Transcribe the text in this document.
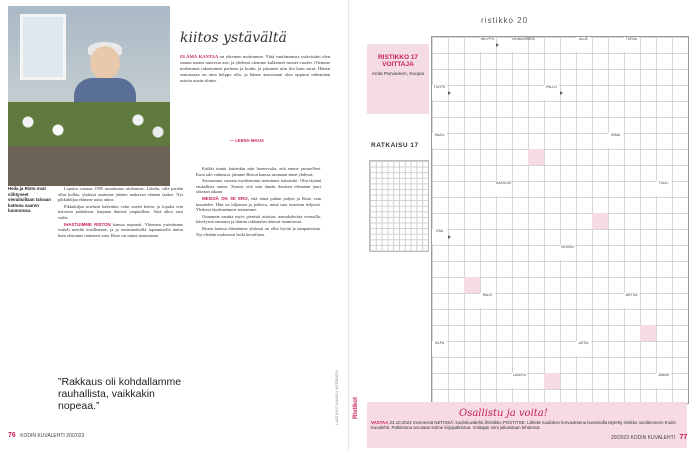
kiitos ystävältä
ELÄMÄ KANTAA on yhteinen mottomme. Yhtä vanhimmista ystävistäni olen saanut tuntea nuoresta asti, ja yhdessä olemme kulkeneet monet vuodet. Olemme molemmat rakentaneet perheen ja kodin, ja jakaneet niin ilot kuin surut. Hänen seurassaan on aina helppo olla, ja hänen ansiostaan olen oppinut näkemään asioita uusin silmin.
— LEENA-MAIJA
Heila ja Risto ovat viihtyneet vierailuillaan taivaan kattona saaren luonnossa.

Lopulta vuonna 1995 muutimme uttilemme. Lähdin, sillä perään ollut kolhia, yhdessä asuimme jättäen mukavan elämän taakse. Nyt pikkuhiljaa elämme uutta arkea.

Pikkuhiljaa mieheni kaltenkin valui uneen hetiin, ja lopulta tein tietoisen päätöksen: kaipaan ihmisiä ympärilleni. Siitä alkoi uusi vaihe.

IHASTUIMME RISTON kanssa nopeasti. Yhteinen ystävämme esitteli meidät toisillemme, ja jo ensimmäisellä tapaamisella tuntui kuin olisimme tunteneet aina. Risto sai minut nauramaan.

”Rakkaus oli kohdallamme rauhallista, vaikkakin nopeaa.”

Kaikki tuntui kuitenkin niin luontevalta, että emme jarrutelleet. Kuin talo valmistui, jäimme Riston kanssa asumaan sinne yhdessä.

Seuraavana vuonna myöhemmin menimme naimisiin. Olin täynnä rauhallista onnea. Tunsin, että sain tämän ihmisen elämääni juuri oikeaan aikaan.

MEISSÄ ON SE ERO, että minä puhun paljon ja Risto vain kuuntelee. Hän on hiljainen ja pohtiva, minä taas innostun helposti. Yhdessä täydennämme toisiamme.

Osaamme nauttia myös pienistä asioista: aamukahvista terassilla, kävelyistä rannassa ja iltaisin takkatulen ääressä istumisesta.

Riston kanssa elämämme yhdessä on ollut hyvää ja tasapainoista. Nyt eletään mukavasti hetki kerrallaan.

76 KODIN KUVALEHTI 20/2023
ristikko 20
RISTIKKO 17 VOITTAJA
Anita Parviainen, Kuopio
RATKAISU 17
LAATINUT ANNELI KERÄNEN Ristikot
HELPPO	HEINÄSIRKKA	ALUE	TURVA
TUOTE	PALLO
HAALI	SIIMA
KAKSOIS	TUULI
OSA
KESKIN
RAKO	METSÄ
KILPA	ASTIA
LAUKKU	JÄNNE
Osallistu ja voita!
VASTAA 24.10.2023 mennessä NETISSÄ: kodinkuvalehti.fi/ristikko POSTITSE: Lähetä ruudukon korvauksena kuvamalla täytetty ristikko osoitteeseen Kodin Kuvalehti. Palkintona arvotaan kolme kirjapalkintoa. Voittajan nimi julkaistaan lehdessä.
20/2023 KODIN KUVALEHTI 77
